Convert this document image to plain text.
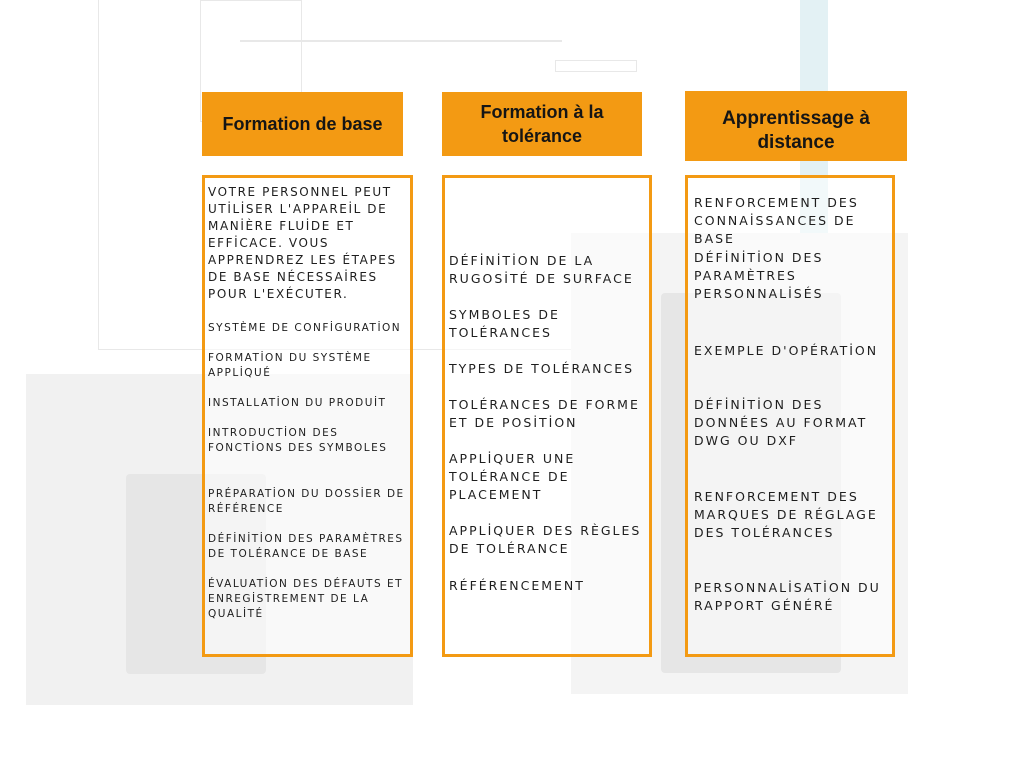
Formation de base
Formation à la tolérance
Apprentissage à distance
VOTRE PERSONNEL PEUT UTİLİSER L'APPAREİL DE MANİÈRE FLUİDE ET EFFİCACE. VOUS APPRENDREZ LES ÉTAPES DE BASE NÉCESSAİRES POUR L'EXÉCUTER.
SYSTÈME DE CONFİGURATİON
FORMATİON DU SYSTÈME APPLİQUÉ
INSTALLATİON DU PRODUİT
INTRODUCTİON DES FONCTİONS DES SYMBOLES
PRÉPARATİON DU DOSSİER DE RÉFÉRENCE
DÉFİNİTİON DES PARAMÈTRES DE TOLÉRANCE DE BASE
ÉVALUATİON DES DÉFAUTS ET ENREGİSTREMENT DE LA QUALİTÉ
DÉFİNİTİON DE LA RUGOSİTÉ DE SURFACE
SYMBOLES DE TOLÉRANCES
TYPES DE TOLÉRANCES
TOLÉRANCES DE FORME ET DE POSİTİON
APPLİQUER UNE TOLÉRANCE DE PLACEMENT
APPLİQUER DES RÈGLES DE TOLÉRANCE
RÉFÉRENCEMENT
RENFORCEMENT DES CONNAİSSANCES DE BASE
DÉFİNİTİON DES PARAMÈTRES PERSONNALİSÉS
EXEMPLE D'OPÉRATİON
DÉFİNİTİON DES DONNÉES AU FORMAT DWG OU DXF
RENFORCEMENT DES MARQUES DE RÉGLAGE DES TOLÉRANCES
PERSONNALİSATİON DU RAPPORT GÉNÉRÉ
